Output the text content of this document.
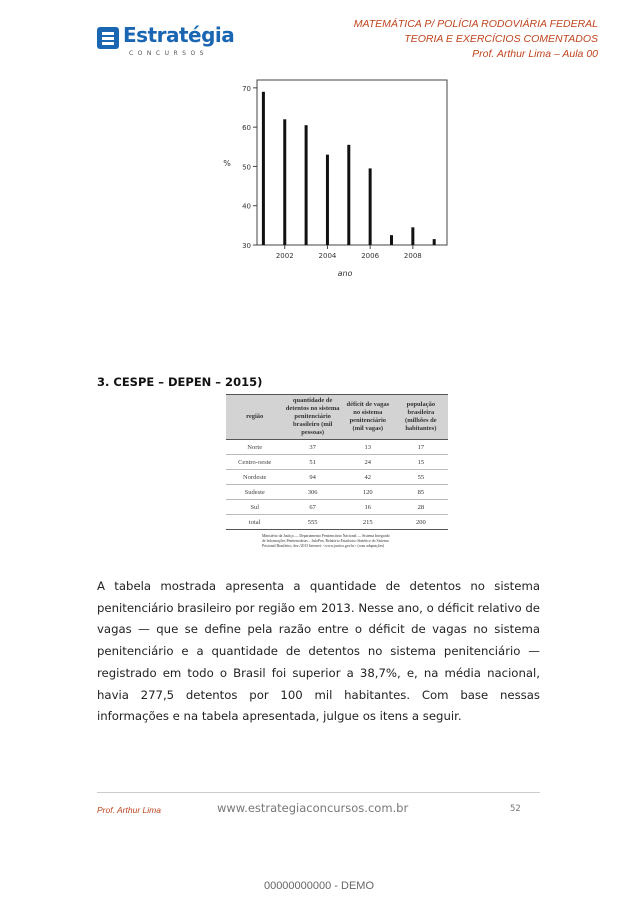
Estratégia
CONCURSOS
MATEMÁTICA P/ POLÍCIA RODOVIÁRIA FEDERAL
TEORIA E EXERCÍCIOS COMENTADOS
Prof. Arthur Lima – Aula 00
30
40
50
60
70
2002	2004	2006	2008
%
ano
3. CESPE – DEPEN – 2015)
região	quantidade de detentos no sistema penitenciário brasileiro (mil pessoas)	déficit de vagas no sistema penitenciário (mil vagas)	população brasileira (milhões de habitantes)
Norte	37	13	17
Centro-oeste	51	24	15
Nordeste	94	42	55
Sudeste	306	120	85
Sul	67	16	28
total	555	215	200
Ministério da Justiça — Departamento Penitenciário Nacional — Sistema Integrado
de Informações Penitenciárias – InfoPen, Relatório Estatístico Sintético do Sistema
Prisional Brasileiro, dez./2013 Internet: <www.justica.gov.br> (com adaptações)
A tabela mostrada apresenta a quantidade de detentos no sistema penitenciário brasileiro por região em 2013. Nesse ano, o déficit relativo de vagas — que se define pela razão entre o déficit de vagas no sistema penitenciário e a quantidade de detentos no sistema penitenciário — registrado em todo o Brasil foi superior a 38,7%, e, na média nacional, havia 277,5 detentos por 100 mil habitantes. Com base nessas informações e na tabela apresentada, julgue os itens a seguir.
Prof. Arthur Lima	www.estrategiaconcursos.com.br	52
00000000000 - DEMO
